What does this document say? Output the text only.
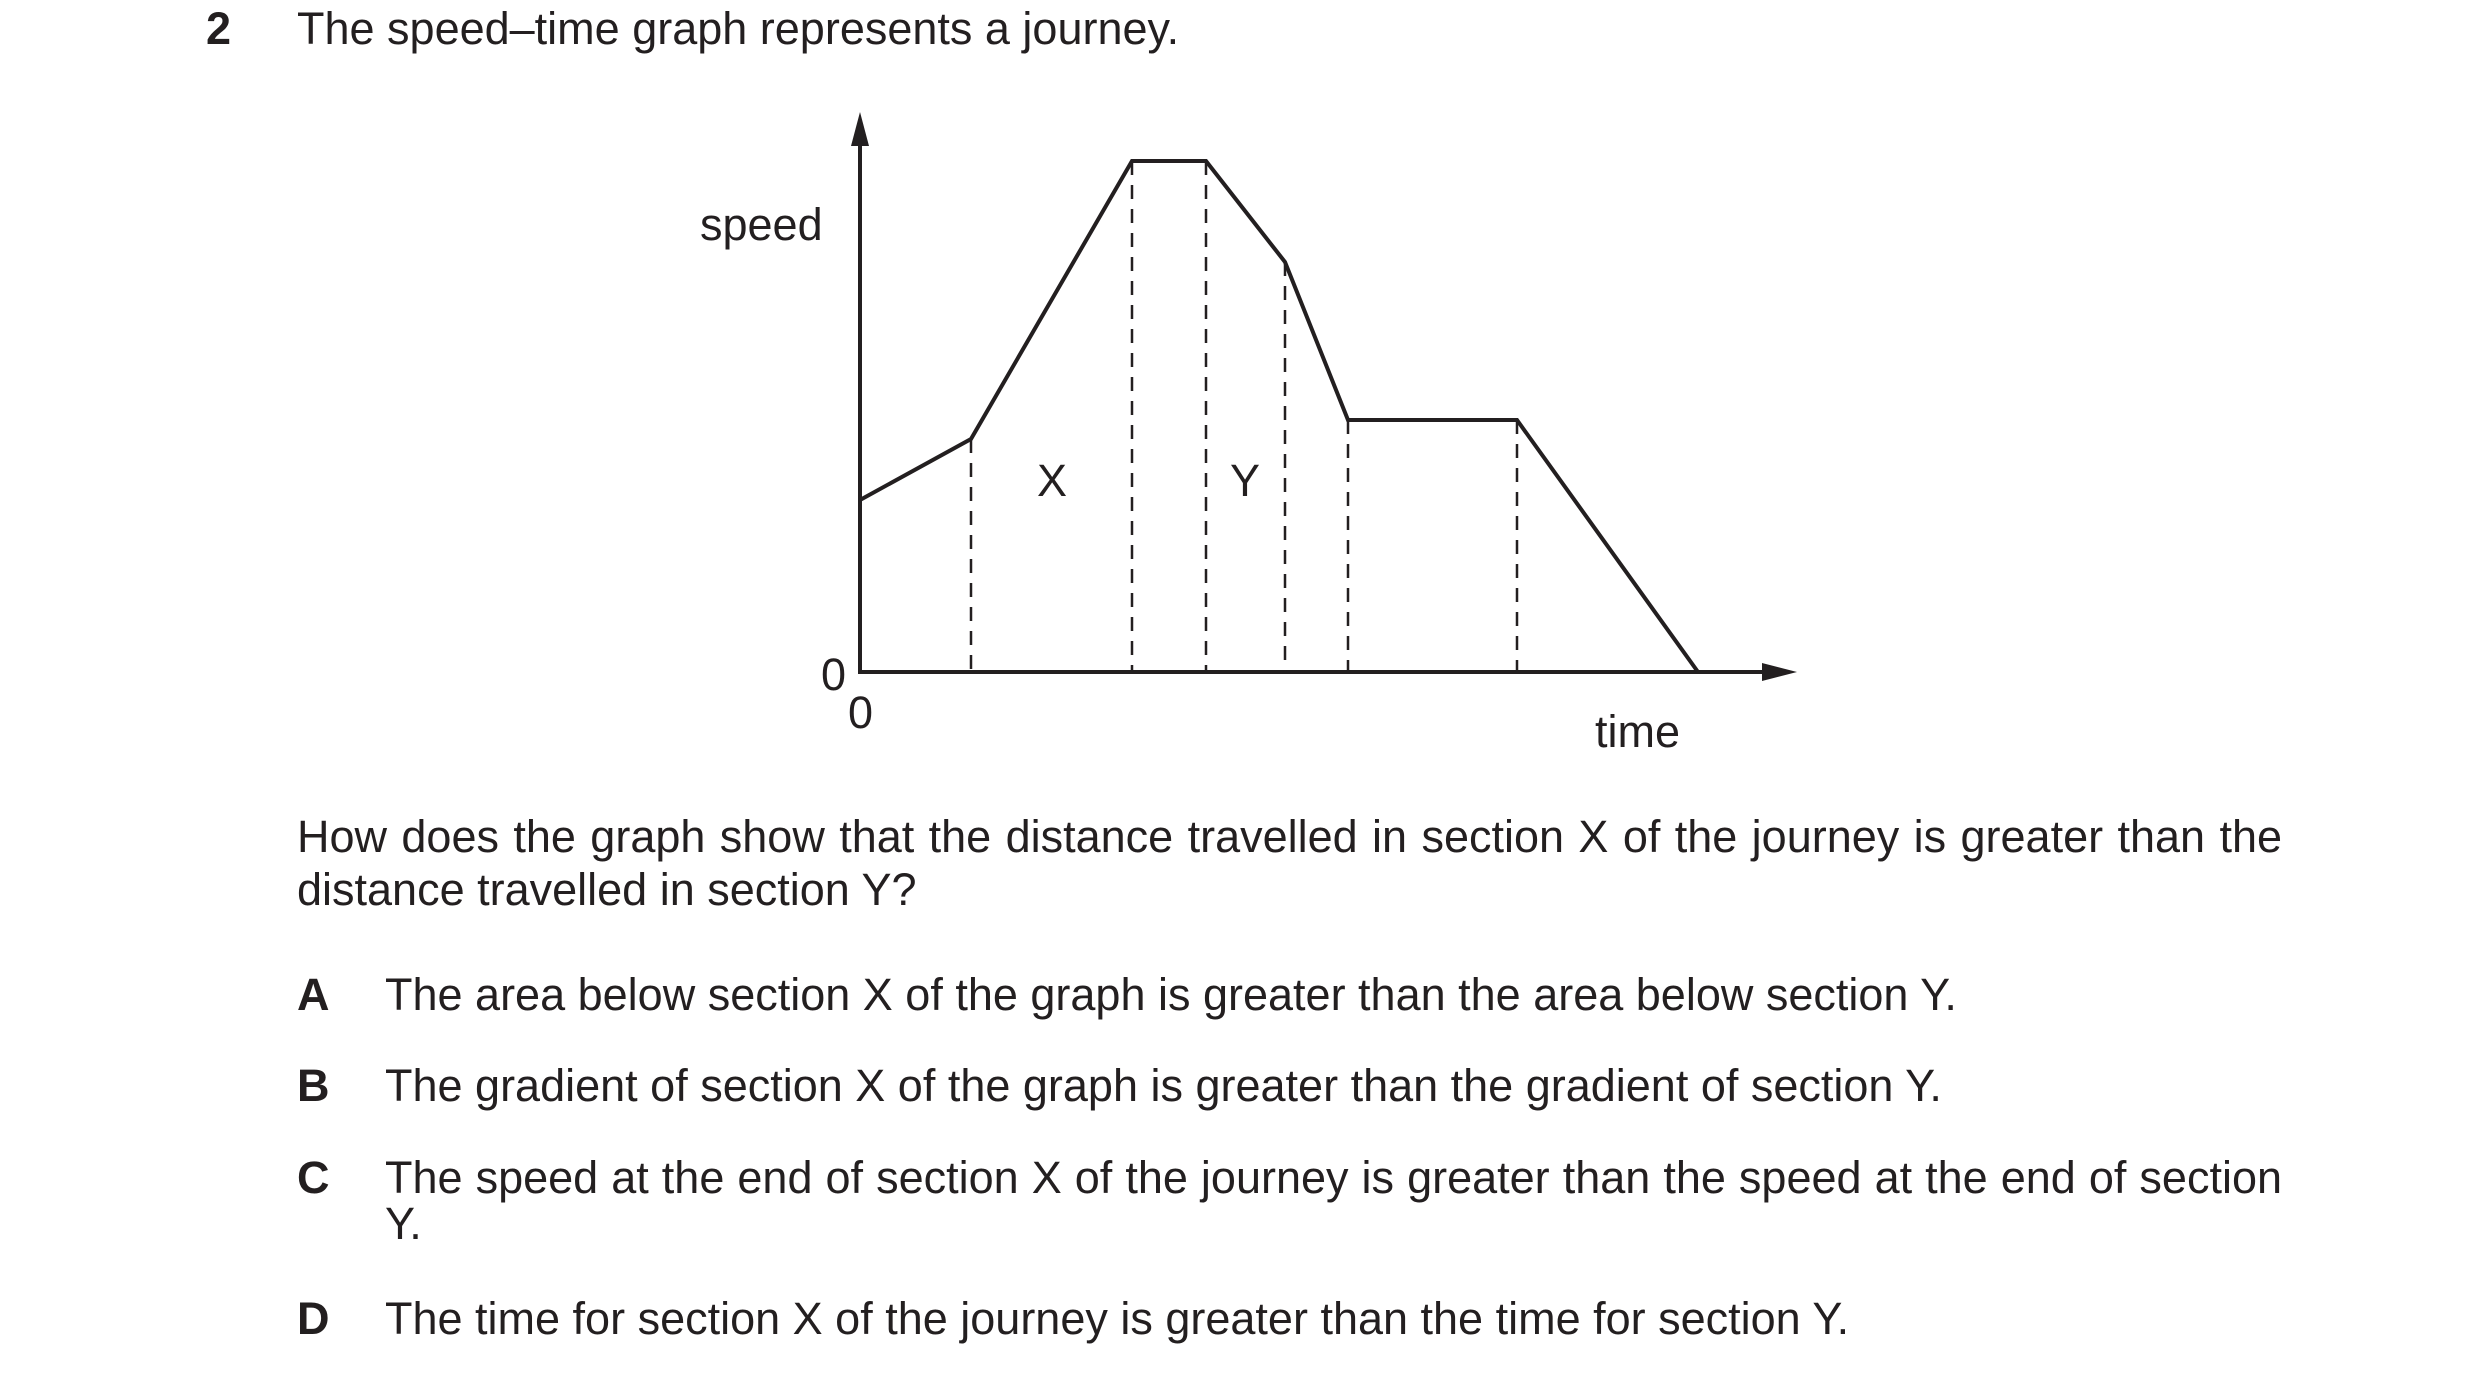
2 The speed–time graph represents a journey.
speed
time
0
0
X	Y

How does the graph show that the distance travelled in section X of the journey is greater than the distance travelled in section Y?

A The area below section X of the graph is greater than the area below section Y.
B The gradient of section X of the graph is greater than the gradient of section Y.
C The speed at the end of section X of the journey is greater than the speed at the end of section Y.
D The time for section X of the journey is greater than the time for section Y.
